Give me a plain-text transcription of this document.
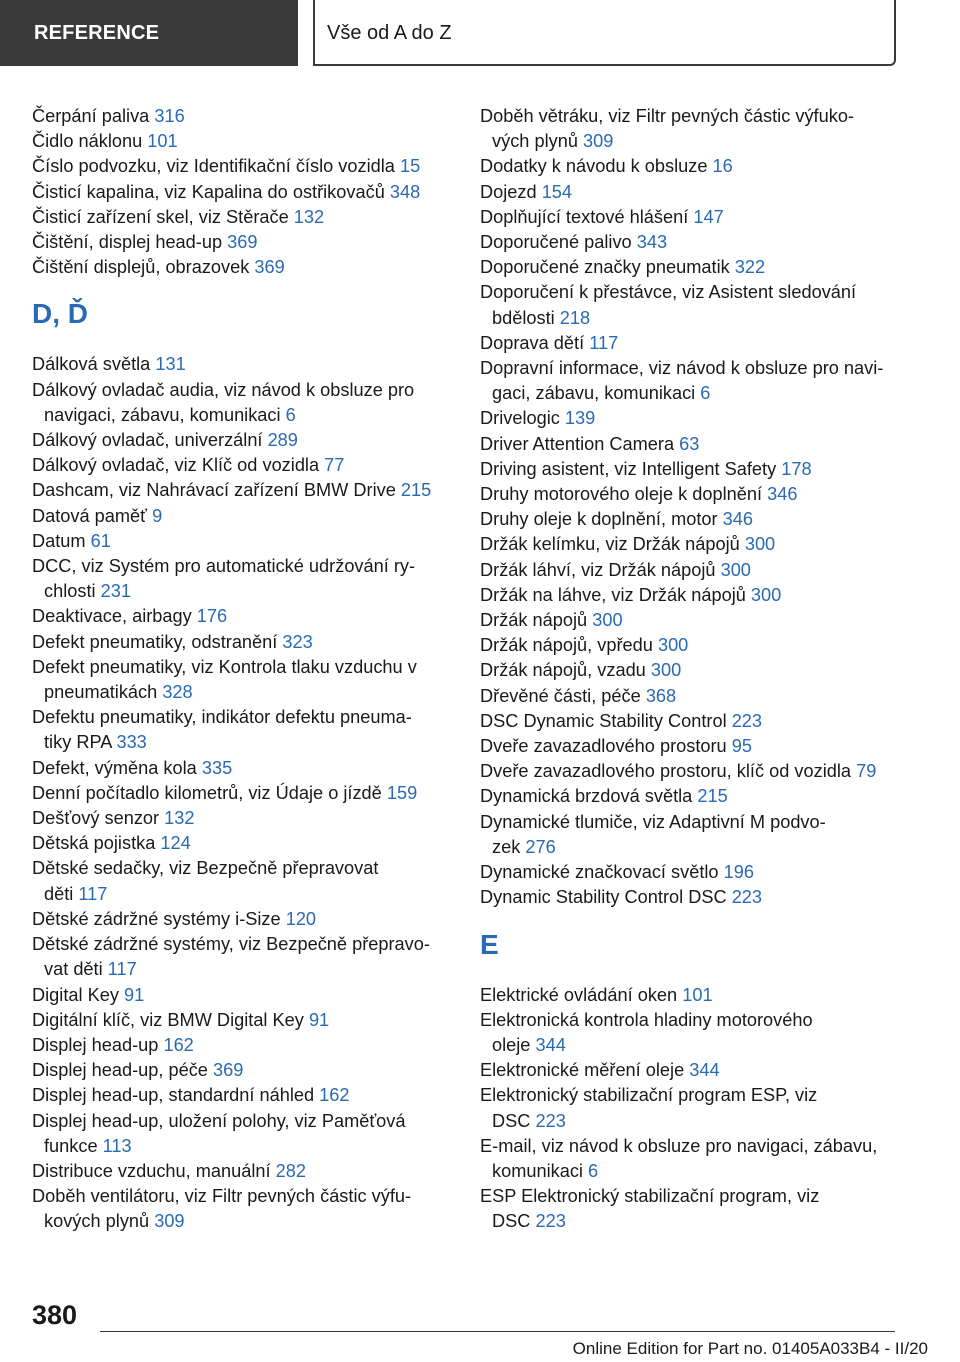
REFERENCE	Vše od A do Z
Čerpání paliva 316
Čidlo náklonu 101
Číslo podvozku, viz Identifikační číslo vozidla 15
Čisticí kapalina, viz Kapalina do ostřikovačů 348
Čisticí zařízení skel, viz Stěrače 132
Čištění, displej head-up 369
Čištění displejů, obrazovek 369
D, Ď
Dálková světla 131
Dálkový ovladač audia, viz návod k obsluze pro
navigaci, zábavu, komunikaci 6
Dálkový ovladač, univerzální 289
Dálkový ovladač, viz Klíč od vozidla 77
Dashcam, viz Nahrávací zařízení BMW Drive 215
Datová paměť 9
Datum 61
DCC, viz Systém pro automatické udržování ry-
chlosti 231
Deaktivace, airbagy 176
Defekt pneumatiky, odstranění 323
Defekt pneumatiky, viz Kontrola tlaku vzduchu v
pneumatikách 328
Defektu pneumatiky, indikátor defektu pneuma-
tiky RPA 333
Defekt, výměna kola 335
Denní počítadlo kilometrů, viz Údaje o jízdě 159
Dešťový senzor 132
Dětská pojistka 124
Dětské sedačky, viz Bezpečně přepravovat
děti 117
Dětské zádržné systémy i-Size 120
Dětské zádržné systémy, viz Bezpečně přepravo-
vat děti 117
Digital Key 91
Digitální klíč, viz BMW Digital Key 91
Displej head-up 162
Displej head-up, péče 369
Displej head-up, standardní náhled 162
Displej head-up, uložení polohy, viz Paměťová
funkce 113
Distribuce vzduchu, manuální 282
Doběh ventilátoru, viz Filtr pevných částic výfu-
kových plynů 309
Doběh větráku, viz Filtr pevných částic výfuko-
vých plynů 309
Dodatky k návodu k obsluze 16
Dojezd 154
Doplňující textové hlášení 147
Doporučené palivo 343
Doporučené značky pneumatik 322
Doporučení k přestávce, viz Asistent sledování
bdělosti 218
Doprava dětí 117
Dopravní informace, viz návod k obsluze pro navi-
gaci, zábavu, komunikaci 6
Drivelogic 139
Driver Attention Camera 63
Driving asistent, viz Intelligent Safety 178
Druhy motorového oleje k doplnění 346
Druhy oleje k doplnění, motor 346
Držák kelímku, viz Držák nápojů 300
Držák láhví, viz Držák nápojů 300
Držák na láhve, viz Držák nápojů 300
Držák nápojů 300
Držák nápojů, vpředu 300
Držák nápojů, vzadu 300
Dřevěné části, péče 368
DSC Dynamic Stability Control 223
Dveře zavazadlového prostoru 95
Dveře zavazadlového prostoru, klíč od vozidla 79
Dynamická brzdová světla 215
Dynamické tlumiče, viz Adaptivní M podvo-
zek 276
Dynamické značkovací světlo 196
Dynamic Stability Control DSC 223
E
Elektrické ovládání oken 101
Elektronická kontrola hladiny motorového
oleje 344
Elektronické měření oleje 344
Elektronický stabilizační program ESP, viz
DSC 223
E-mail, viz návod k obsluze pro navigaci, zábavu,
komunikaci 6
ESP Elektronický stabilizační program, viz
DSC 223
380
Online Edition for Part no. 01405A033B4 - II/20
